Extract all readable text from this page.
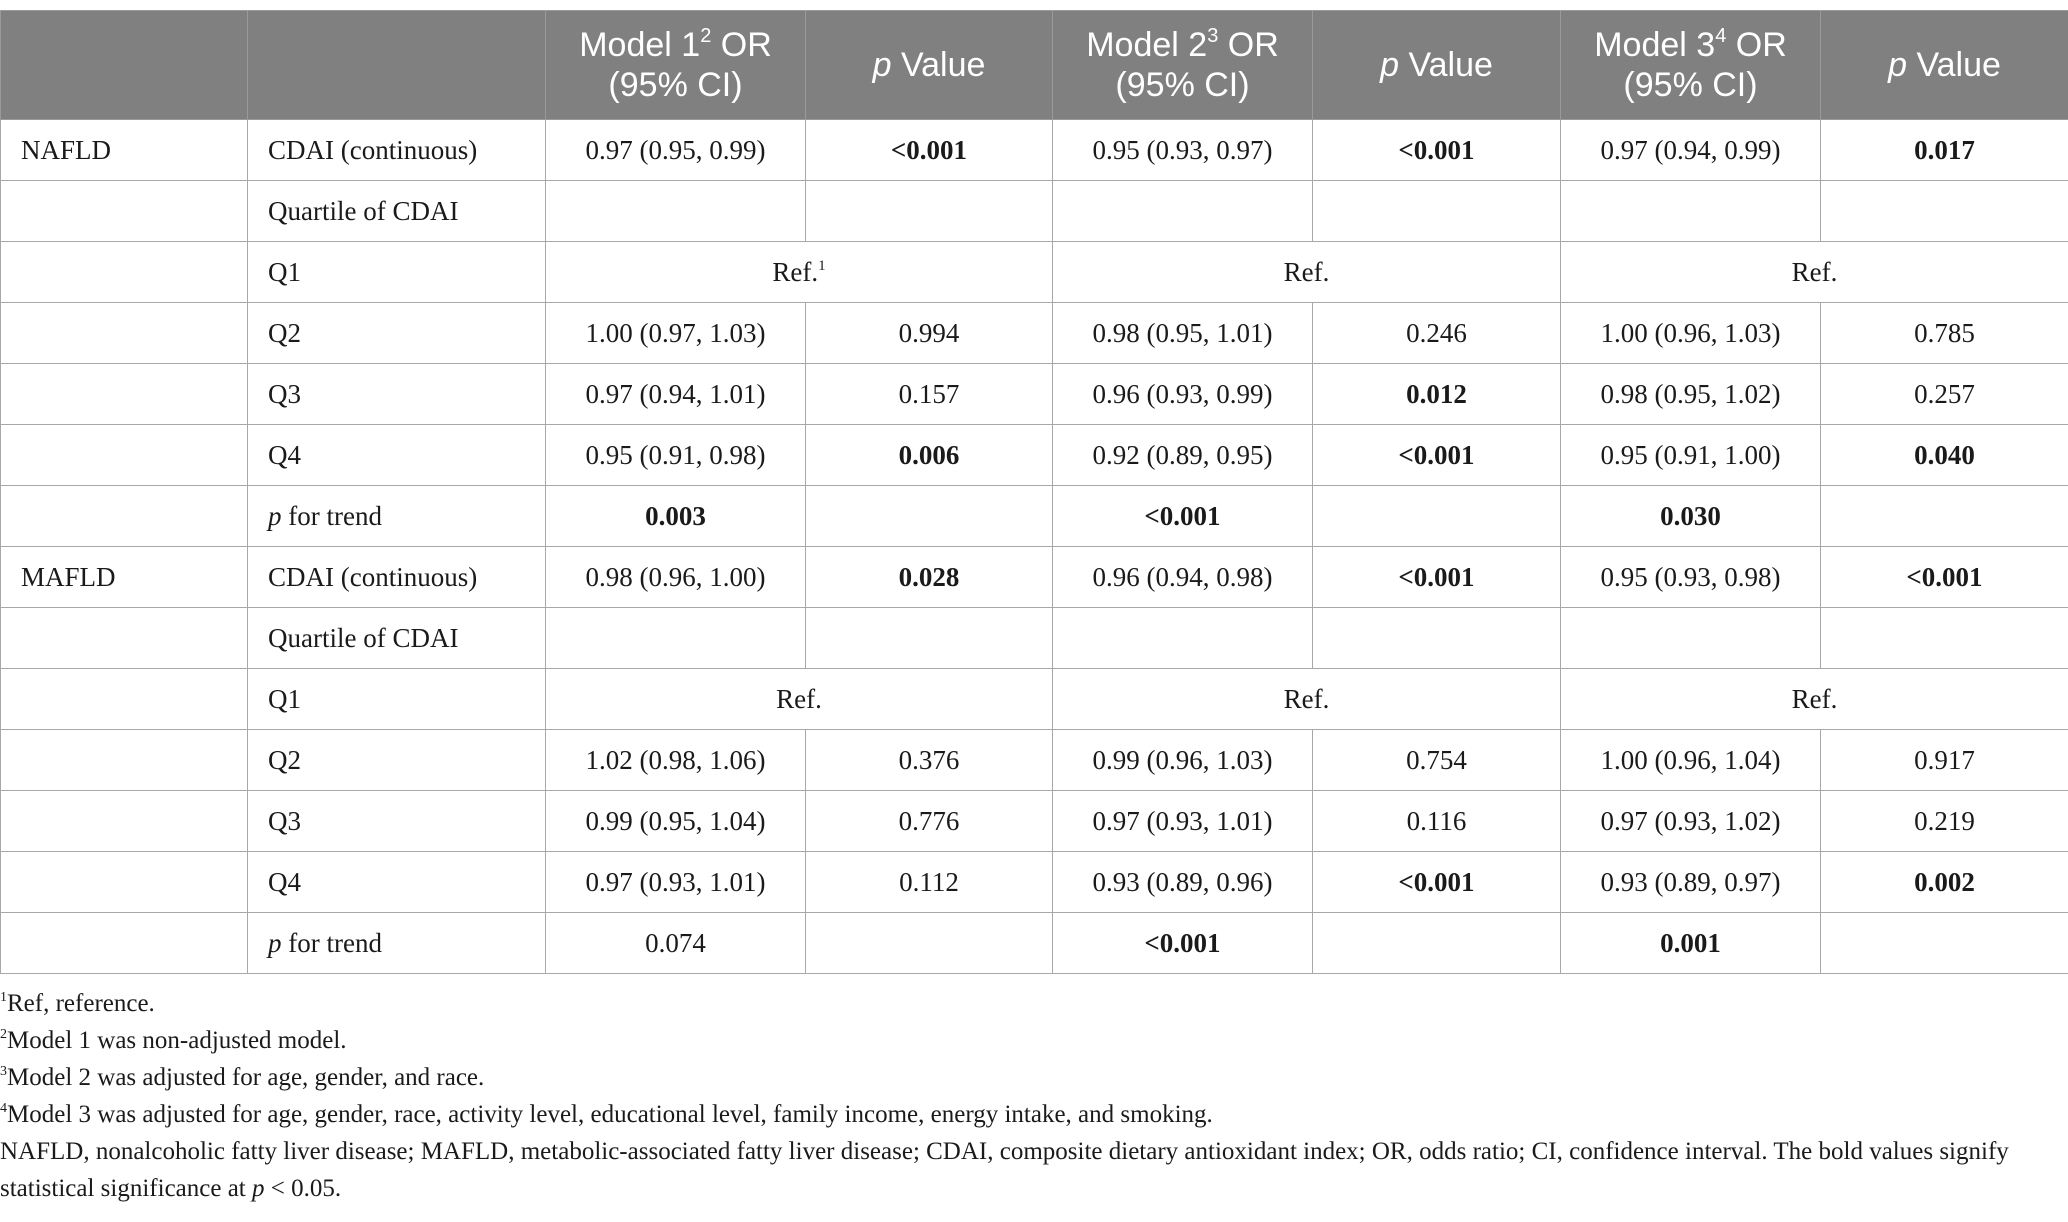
		Model $1^2$ OR (95% CI)	p Value	Model $2^3$ OR (95% CI)	p Value	Model $3^4$ OR (95% CI)	p Value
NAFLD	CDAI (continuous)	0.97 (0.95, 0.99)	<0.001	0.95 (0.93, 0.97)	<0.001	0.97 (0.94, 0.99)	0.017
	Quartile of CDAI						
	Q1	Ref.$^1$		Ref.		Ref.	
	Q2	1.00 (0.97, 1.03)	0.994	0.98 (0.95, 1.01)	0.246	1.00 (0.96, 1.03)	0.785
	Q3	0.97 (0.94, 1.01)	0.157	0.96 (0.93, 0.99)	0.012	0.98 (0.95, 1.02)	0.257
	Q4	0.95 (0.91, 0.98)	0.006	0.92 (0.89, 0.95)	<0.001	0.95 (0.91, 1.00)	0.040
	p for trend	0.003		<0.001		0.030	
MAFLD	CDAI (continuous)	0.98 (0.96, 1.00)	0.028	0.96 (0.94, 0.98)	<0.001	0.95 (0.93, 0.98)	<0.001
	Quartile of CDAI						
	Q1	Ref.		Ref.		Ref.	
	Q2	1.02 (0.98, 1.06)	0.376	0.99 (0.96, 1.03)	0.754	1.00 (0.96, 1.04)	0.917
	Q3	0.99 (0.95, 1.04)	0.776	0.97 (0.93, 1.01)	0.116	0.97 (0.93, 1.02)	0.219
	Q4	0.97 (0.93, 1.01)	0.112	0.93 (0.89, 0.96)	<0.001	0.93 (0.89, 0.97)	0.002
	p for trend	0.074		<0.001		0.001	

$^1$Ref, reference.

$^2$Model 1 was non-adjusted model.

$^3$Model 2 was adjusted for age, gender, and race.

$^4$Model 3 was adjusted for age, gender, race, activity level, educational level, family income, energy intake, and smoking.

NAFLD, nonalcoholic fatty liver disease; MAFLD, metabolic-associated fatty liver disease; CDAI, composite dietary antioxidant index; OR, odds ratio; CI, confidence interval. The bold values signify statistical significance at p < 0.05.
